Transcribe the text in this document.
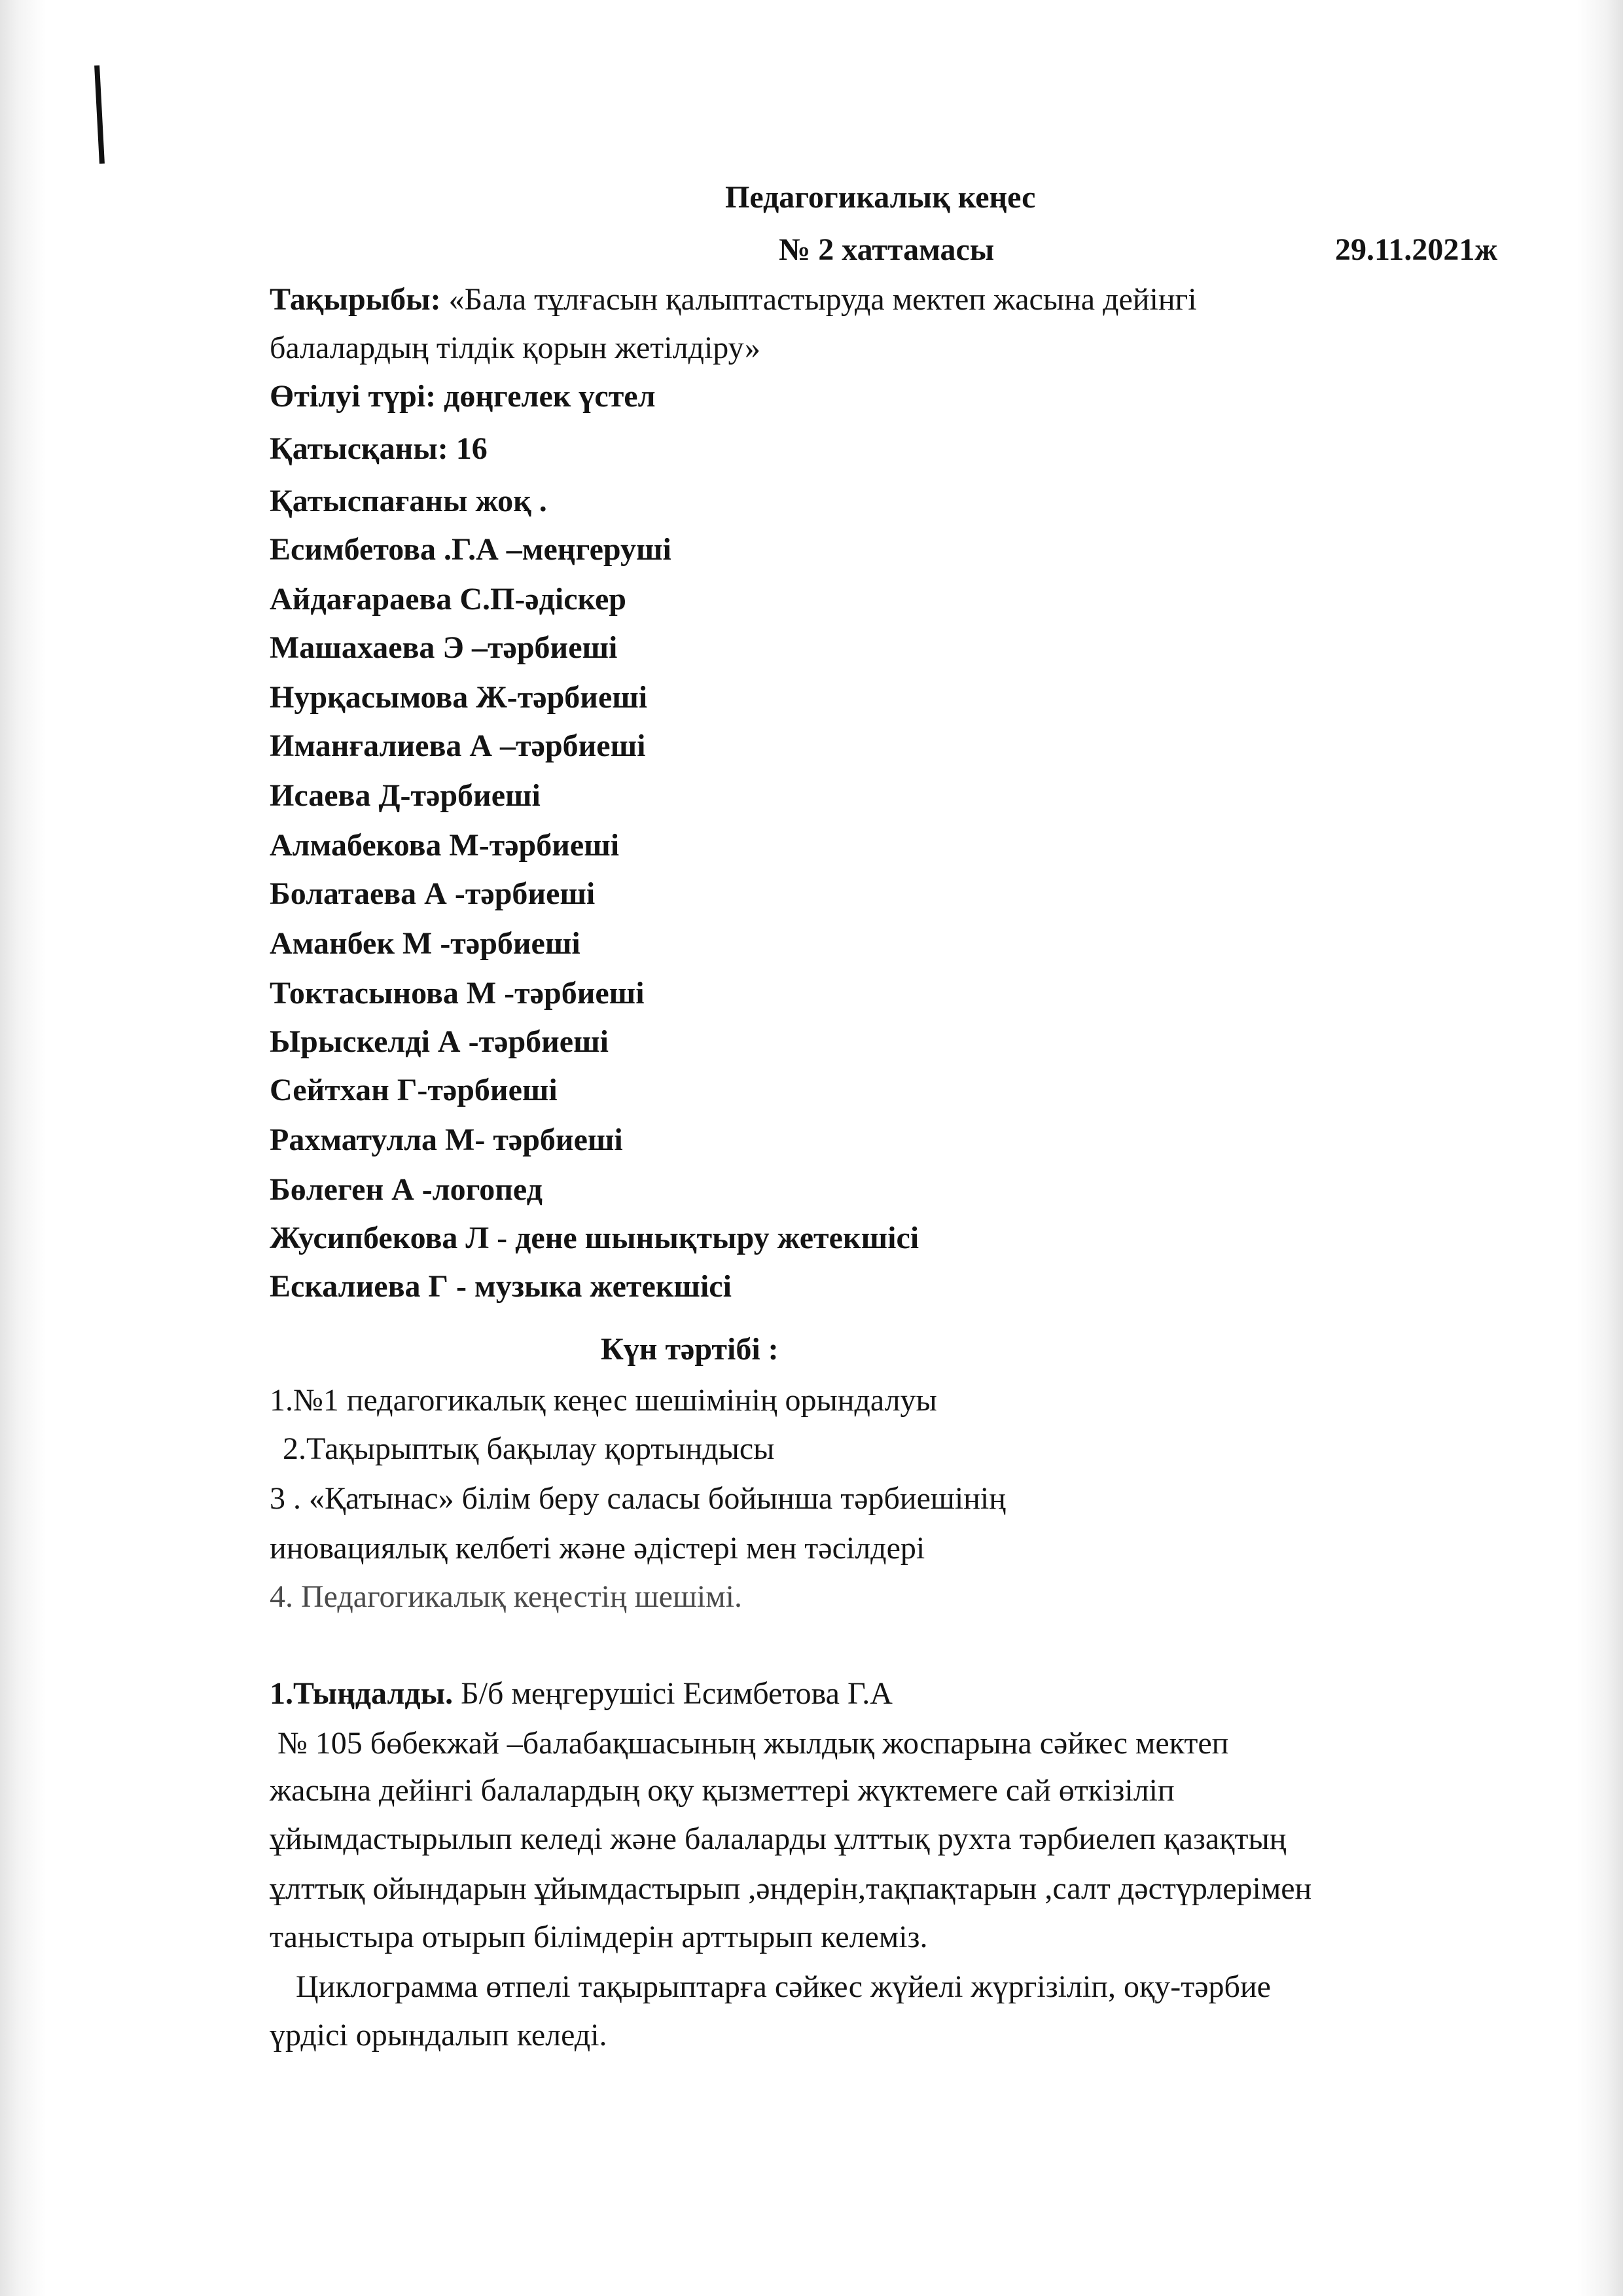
Педагогикалық кеңес
№ 2 хаттамасы	29.11.2021ж
Тақырыбы: «Бала тұлғасын қалыптастыруда мектеп жасына дейінгі
балалардың тілдік қорын жетілдіру»
Өтілуі түрі: дөңгелек үстел
Қатысқаны: 16
Қатыспағаны жоқ .
Есимбетова .Г.А –меңгеруші
Айдағараева С.П-әдіскер
Машахаева Э –тәрбиеші
Нурқасымова Ж-тәрбиеші
Иманғалиева А –тәрбиеші
Исаева Д-тәрбиеші
Алмабекова М-тәрбиеші
Болатаева А -тәрбиеші
Аманбек М -тәрбиеші
Токтасынова М -тәрбиеші
Ырыскелді А -тәрбиеші
Сейтхан Г-тәрбиеші
Рахматулла М- тәрбиеші
Бөлеген А -логопед
Жусипбекова Л - дене шынықтыру жетекшісі
Ескалиева Г - музыка жетекшісі
Күн тәртібі :
1.№1 педагогикалық кеңес шешімінің орындалуы
2.Тақырыптық бақылау қортындысы
3 . «Қатынас» білім беру саласы бойынша тәрбиешінің
иновациялық келбеті және әдістері мен тәсілдері
4. Педагогикалық кеңестің шешімі.
1.Тыңдалды. Б/б меңгерушісі Есимбетова Г.А
№ 105 бөбекжай –балабақшасының жылдық жоспарына сәйкес мектеп
жасына дейінгі балалардың оқу қызметтері жүктемеге сай өткізіліп
ұйымдастырылып келеді және балаларды ұлттық рухта тәрбиелеп қазақтың
ұлттық ойындарын ұйымдастырып ,әндерін,тақпақтарын ,салт дәстүрлерімен
таныстыра отырып білімдерін арттырып келеміз.
Циклограмма өтпелі тақырыптарға сәйкес жүйелі жүргізіліп, оқу-тәрбие
үрдісі орындалып келеді.
